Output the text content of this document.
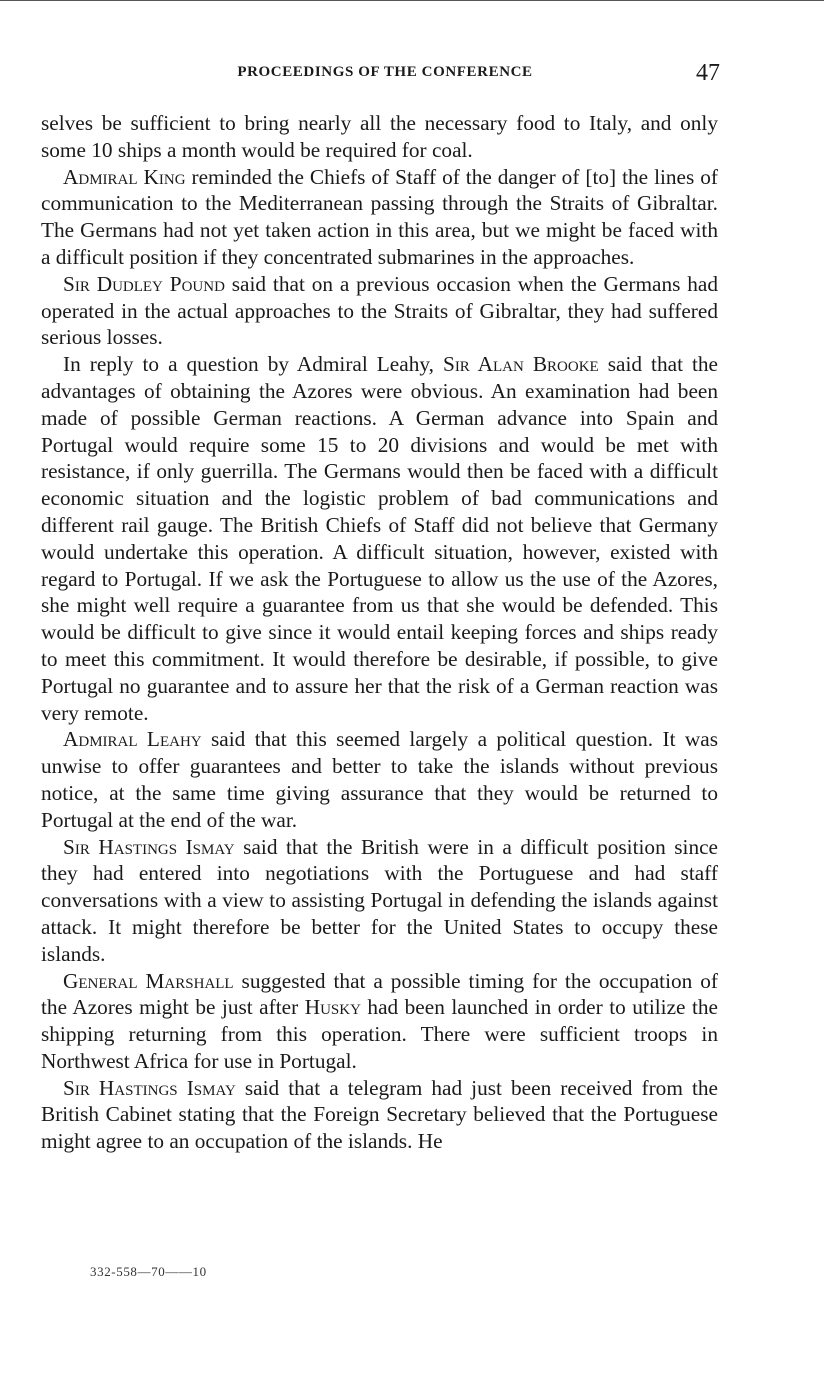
PROCEEDINGS OF THE CONFERENCE	47

selves be sufficient to bring nearly all the necessary food to Italy, and only some 10 ships a month would be required for coal.

Admiral King reminded the Chiefs of Staff of the danger of [to] the lines of communication to the Mediterranean passing through the Straits of Gibraltar. The Germans had not yet taken action in this area, but we might be faced with a difficult position if they concentrated submarines in the approaches.

Sir Dudley Pound said that on a previous occasion when the Germans had operated in the actual approaches to the Straits of Gibraltar, they had suffered serious losses.

In reply to a question by Admiral Leahy, Sir Alan Brooke said that the advantages of obtaining the Azores were obvious. An examination had been made of possible German reactions. A German advance into Spain and Portugal would require some 15 to 20 divisions and would be met with resistance, if only guerrilla. The Germans would then be faced with a difficult economic situation and the logistic problem of bad communications and different rail gauge. The British Chiefs of Staff did not believe that Germany would undertake this operation. A difficult situation, however, existed with regard to Portugal. If we ask the Portuguese to allow us the use of the Azores, she might well require a guarantee from us that she would be defended. This would be difficult to give since it would entail keeping forces and ships ready to meet this commitment. It would therefore be desirable, if possible, to give Portugal no guarantee and to assure her that the risk of a German reaction was very remote.

Admiral Leahy said that this seemed largely a political question. It was unwise to offer guarantees and better to take the islands without previous notice, at the same time giving assurance that they would be returned to Portugal at the end of the war.

Sir Hastings Ismay said that the British were in a difficult position since they had entered into negotiations with the Portuguese and had staff conversations with a view to assisting Portugal in defending the islands against attack. It might therefore be better for the United States to occupy these islands.

General Marshall suggested that a possible timing for the occupation of the Azores might be just after Husky had been launched in order to utilize the shipping returning from this operation. There were sufficient troops in Northwest Africa for use in Portugal.

Sir Hastings Ismay said that a telegram had just been received from the British Cabinet stating that the Foreign Secretary believed that the Portuguese might agree to an occupation of the islands. He

332-558—70——10
